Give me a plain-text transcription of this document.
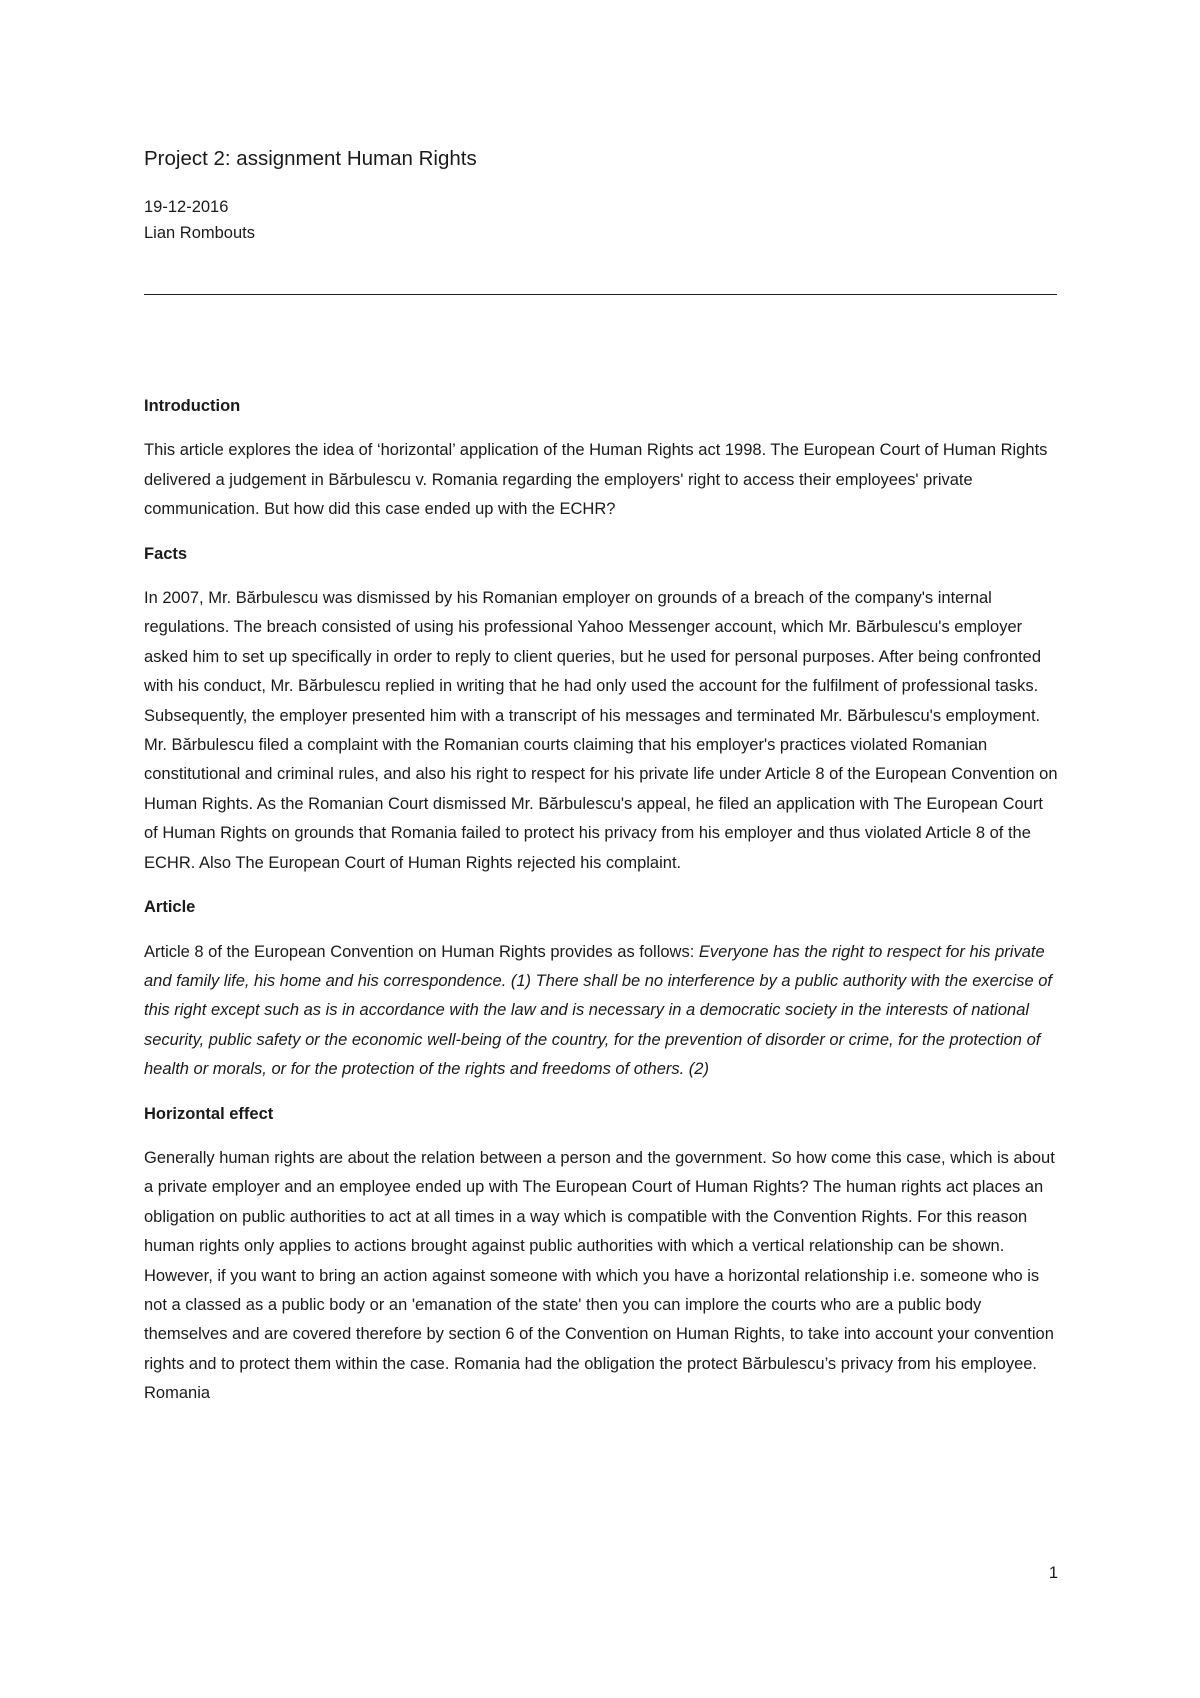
Project 2: assignment Human Rights
19-12-2016
Lian Rombouts
Introduction

This article explores the idea of ‘horizontal’ application of the Human Rights act 1998. The European Court of Human Rights delivered a judgement in Bărbulescu v. Romania regarding the employers' right to access their employees' private communication. But how did this case ended up with the ECHR?

Facts

In 2007, Mr. Bărbulescu was dismissed by his Romanian employer on grounds of a breach of the company's internal regulations. The breach consisted of using his professional Yahoo Messenger account, which Mr. Bărbulescu's employer asked him to set up specifically in order to reply to client queries, but he used for personal purposes. After being confronted with his conduct, Mr. Bărbulescu replied in writing that he had only used the account for the fulfilment of professional tasks. Subsequently, the employer presented him with a transcript of his messages and terminated Mr. Bărbulescu's employment. Mr. Bărbulescu filed a complaint with the Romanian courts claiming that his employer's practices violated Romanian constitutional and criminal rules, and also his right to respect for his private life under Article 8 of the European Convention on Human Rights. As the Romanian Court dismissed Mr. Bărbulescu's appeal, he filed an application with The European Court of Human Rights on grounds that Romania failed to protect his privacy from his employer and thus violated Article 8 of the ECHR. Also The European Court of Human Rights rejected his complaint.

Article

Article 8 of the European Convention on Human Rights provides as follows: Everyone has the right to respect for his private and family life, his home and his correspondence. (1) There shall be no interference by a public authority with the exercise of this right except such as is in accordance with the law and is necessary in a democratic society in the interests of national security, public safety or the economic well-being of the country, for the prevention of disorder or crime, for the protection of health or morals, or for the protection of the rights and freedoms of others. (2)

Horizontal effect

Generally human rights are about the relation between a person and the government. So how come this case, which is about a private employer and an employee ended up with The European Court of Human Rights? The human rights act places an obligation on public authorities to act at all times in a way which is compatible with the Convention Rights. For this reason human rights only applies to actions brought against public authorities with which a vertical relationship can be shown. However, if you want to bring an action against someone with which you have a horizontal relationship i.e. someone who is not a classed as a public body or an 'emanation of the state' then you can implore the courts who are a public body themselves and are covered therefore by section 6 of the Convention on Human Rights, to take into account your convention rights and to protect them within the case. Romania had the obligation the protect Bărbulescu’s privacy from his employee. Romania

1
